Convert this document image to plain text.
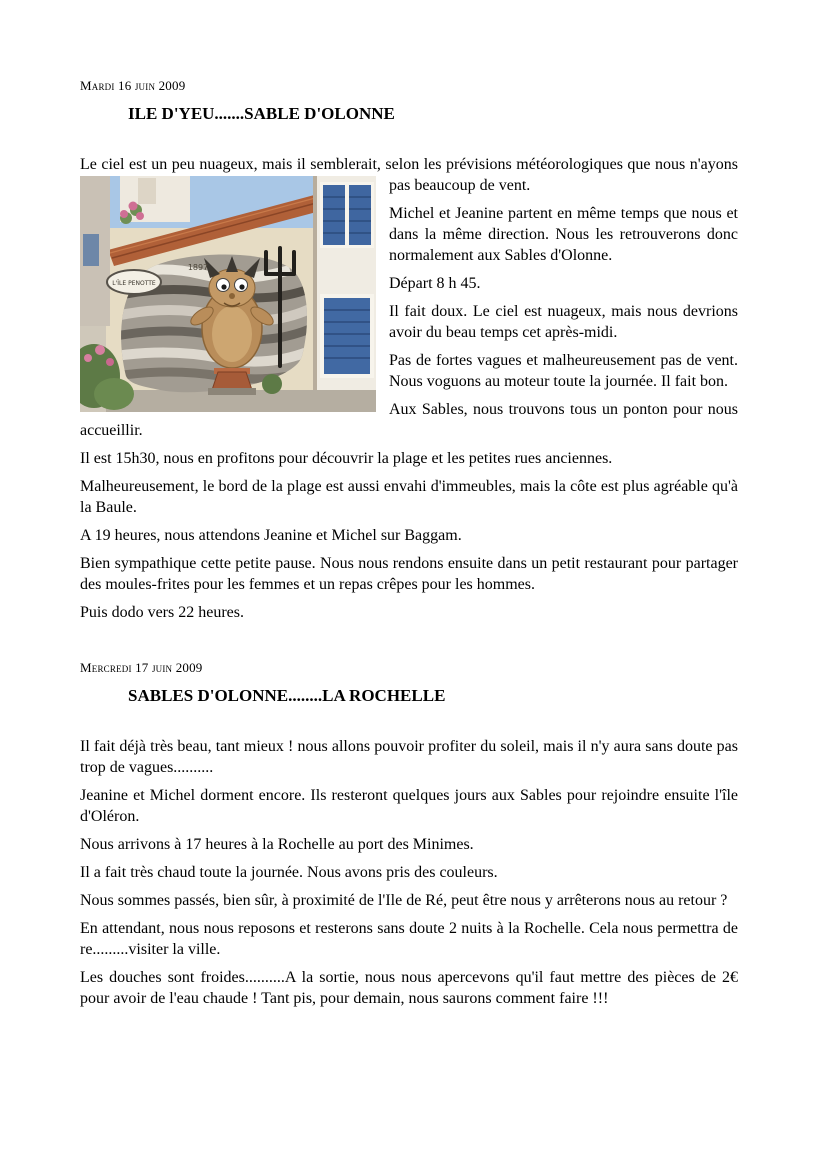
Mardi 16 juin 2009
ILE D'YEU.......SABLE D'OLONNE
L'ÎLE PENOTTE
1897

Le ciel est un peu nuageux, mais il semblerait, selon les prévisions météorologiques que nous n'ayons pas beaucoup de vent.

Michel et Jeanine partent en même temps que nous et dans la même direction. Nous les retrouverons donc normalement aux Sables d'Olonne.

Départ 8 h 45.

Il fait doux. Le ciel est nuageux, mais nous devrions avoir du beau temps cet après-midi.

Pas de fortes vagues et malheureusement pas de vent. Nous voguons au moteur toute la journée. Il fait bon.

Aux Sables, nous trouvons tous un ponton pour nous accueillir.

Il est 15h30, nous en profitons pour découvrir la plage et les petites rues anciennes.

Malheureusement, le bord de la plage est aussi envahi d'immeubles, mais la côte est plus agréable qu'à la Baule.

A 19 heures, nous attendons Jeanine et Michel sur Baggam.

Bien sympathique cette petite pause. Nous nous rendons ensuite dans un petit restaurant pour partager des moules-frites pour les femmes et un repas crêpes pour les hommes.

Puis dodo vers 22 heures.

Mercredi 17 juin 2009
SABLES D'OLONNE........LA ROCHELLE

Il fait déjà très beau, tant mieux ! nous allons pouvoir profiter du soleil, mais il n'y aura sans doute pas trop de vagues..........

Jeanine et Michel dorment encore. Ils resteront quelques jours aux Sables pour rejoindre ensuite l'île d'Oléron.

Nous arrivons à 17 heures à la Rochelle au port des Minimes.

Il a fait très chaud toute la journée. Nous avons pris des couleurs.

Nous sommes passés, bien sûr, à proximité de l'Ile de Ré, peut être nous y arrêterons nous au retour ?

En attendant, nous nous reposons et resterons sans doute 2 nuits à la Rochelle. Cela nous permettra de re.........visiter la ville.

Les douches sont froides..........A la sortie, nous nous apercevons qu'il faut mettre des pièces de 2€ pour avoir de l'eau chaude ! Tant pis, pour demain, nous saurons comment faire !!!
